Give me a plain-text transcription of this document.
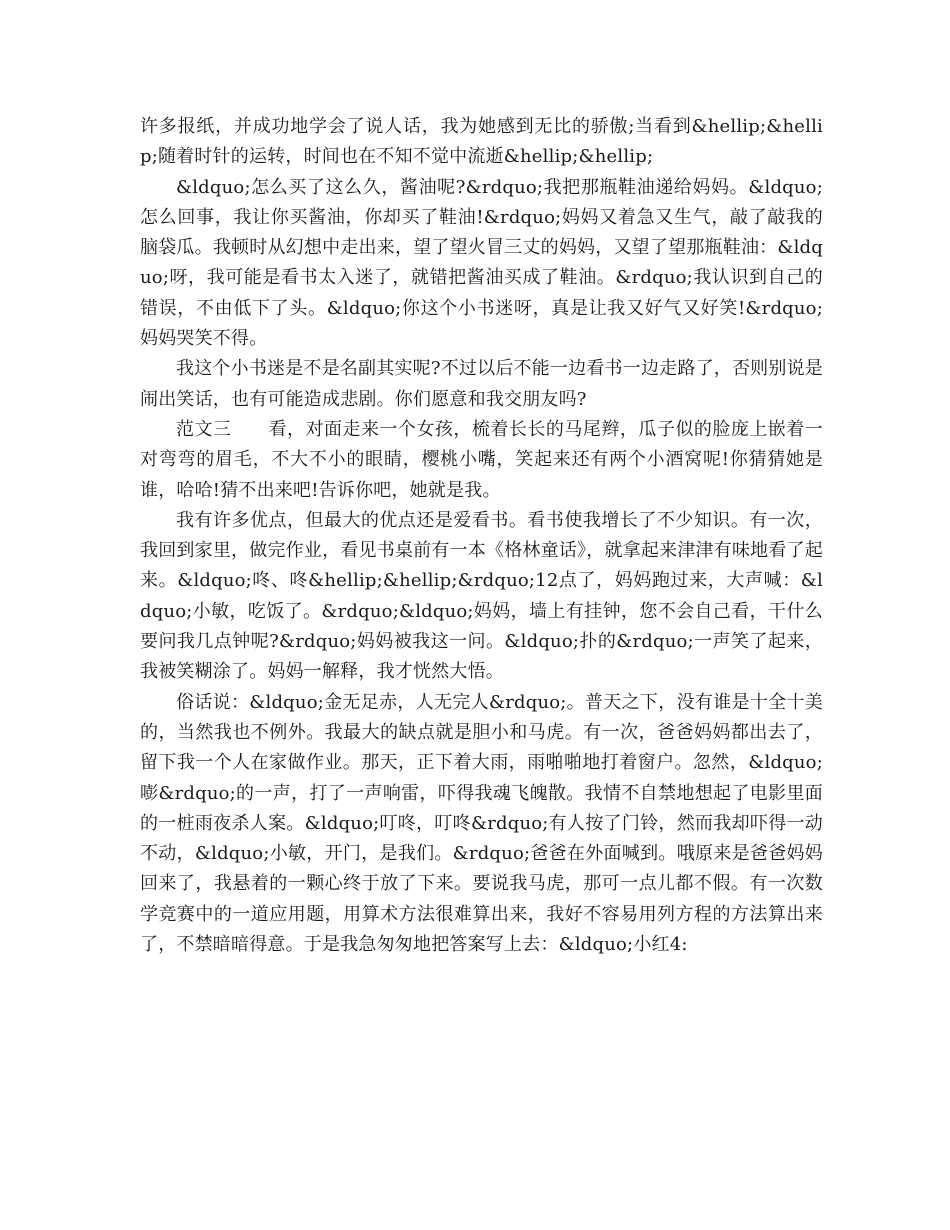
许多报纸，并成功地学会了说人话，我为她感到无比的骄傲;当看到&hellip;&hellip;随着时针的运转，时间也在不知不觉中流逝&hellip;&hellip;

&ldquo;怎么买了这么久，酱油呢?&rdquo;我把那瓶鞋油递给妈妈。&ldquo;怎么回事，我让你买酱油，你却买了鞋油!&rdquo;妈妈又着急又生气，敲了敲我的脑袋瓜。我顿时从幻想中走出来，望了望火冒三丈的妈妈，又望了望那瓶鞋油：&ldquo;呀，我可能是看书太入迷了，就错把酱油买成了鞋油。&rdquo;我认识到自己的错误，不由低下了头。&ldquo;你这个小书迷呀，真是让我又好气又好笑!&rdquo;妈妈哭笑不得。

我这个小书迷是不是名副其实呢?不过以后不能一边看书一边走路了，否则别说是闹出笑话，也有可能造成悲剧。你们愿意和我交朋友吗?

范文三　　看，对面走来一个女孩，梳着长长的马尾辫，瓜子似的脸庞上嵌着一对弯弯的眉毛，不大不小的眼睛，樱桃小嘴，笑起来还有两个小酒窝呢!你猜猜她是谁，哈哈!猜不出来吧!告诉你吧，她就是我。

我有许多优点，但最大的优点还是爱看书。看书使我增长了不少知识。有一次，我回到家里，做完作业，看见书桌前有一本《格林童话》，就拿起来津津有味地看了起来。&ldquo;咚、咚&hellip;&hellip;&rdquo;12点了，妈妈跑过来，大声喊：&ldquo;小敏，吃饭了。&rdquo;&ldquo;妈妈，墙上有挂钟，您不会自己看，干什么要问我几点钟呢?&rdquo;妈妈被我这一问。&ldquo;扑的&rdquo;一声笑了起来，我被笑糊涂了。妈妈一解释，我才恍然大悟。

俗话说：&ldquo;金无足赤，人无完人&rdquo;。普天之下，没有谁是十全十美的，当然我也不例外。我最大的缺点就是胆小和马虎。有一次，爸爸妈妈都出去了，留下我一个人在家做作业。那天，正下着大雨，雨啪啪地打着窗户。忽然，&ldquo;嘭&rdquo;的一声，打了一声响雷，吓得我魂飞魄散。我情不自禁地想起了电影里面的一桩雨夜杀人案。&ldquo;叮咚，叮咚&rdquo;有人按了门铃，然而我却吓得一动不动，&ldquo;小敏，开门，是我们。&rdquo;爸爸在外面喊到。哦原来是爸爸妈妈回来了，我悬着的一颗心终于放了下来。要说我马虎，那可一点儿都不假。有一次数学竞赛中的一道应用题，用算术方法很难算出来，我好不容易用列方程的方法算出来了，不禁暗暗得意。于是我急匆匆地把答案写上去：&ldquo;小红4:
